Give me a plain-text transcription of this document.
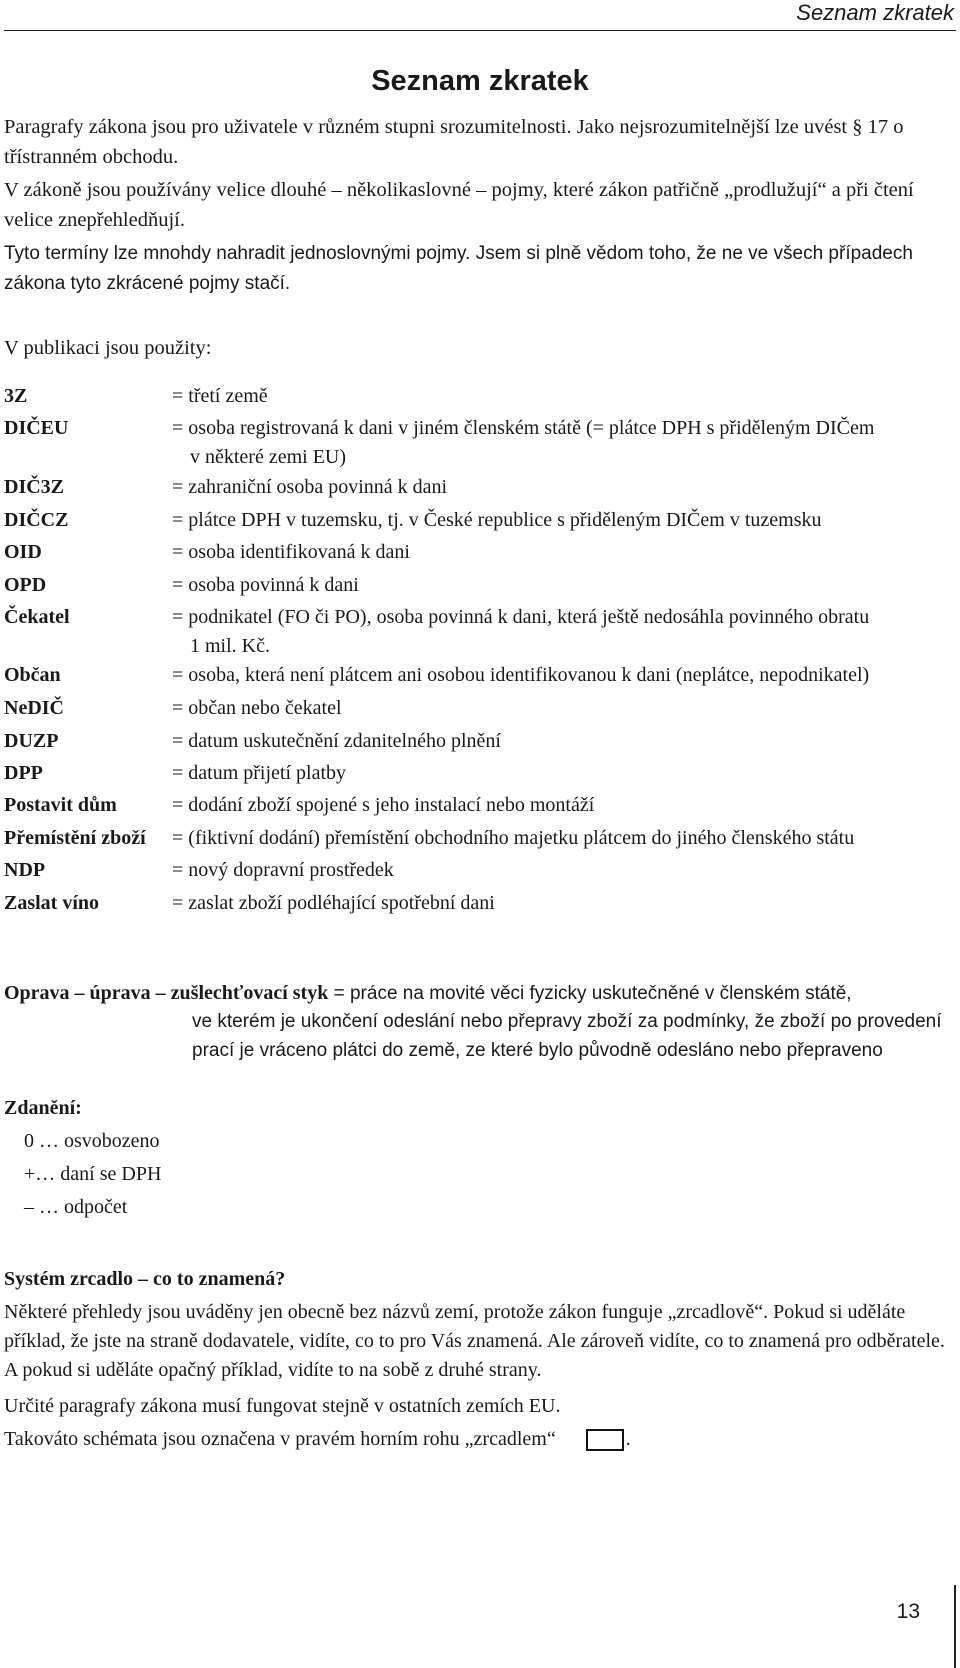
Seznam zkratek
Seznam zkratek

Paragrafy zákona jsou pro uživatele v různém stupni srozumitelnosti. Jako nejsrozumitelnější lze uvést § 17 o třístranném obchodu.

V zákoně jsou používány velice dlouhé – několikaslovné – pojmy, které zákon patřičně „prodlužují“ a při čtení velice znepřehledňují.

Tyto termíny lze mnohdy nahradit jednoslovnými pojmy. Jsem si plně vědom toho, že ne ve všech případech zákona tyto zkrácené pojmy stačí.

V publikaci jsou použity:
3Z	= třetí země
DIČEU	= osoba registrovaná k dani v jiném členském státě (= plátce DPH s přiděleným DIČem
v některé zemi EU)
DIČ3Z	= zahraniční osoba povinná k dani
DIČCZ	= plátce DPH v tuzemsku, tj. v České republice s přiděleným DIČem v tuzemsku
OID	= osoba identifikovaná k dani
OPD	= osoba povinná k dani
Čekatel	= podnikatel (FO či PO), osoba povinná k dani, která ještě nedosáhla povinného obratu
1 mil. Kč.
Občan	= osoba, která není plátcem ani osobou identifikovanou k dani (neplátce, nepodnikatel)
NeDIČ	= občan nebo čekatel
DUZP	= datum uskutečnění zdanitelného plnění
DPP	= datum přijetí platby
Postavit dům	= dodání zboží spojené s jeho instalací nebo montáží
Přemístění zboží = (fiktivní dodání) přemístění obchodního majetku plátcem do jiného členského státu
NDP	= nový dopravní prostředek
Zaslat víno	= zaslat zboží podléhající spotřební dani
Oprava – úprava – zušlechťovací styk = práce na movité věci fyzicky uskutečněné v členském státě,
ve kterém je ukončení odeslání nebo přepravy zboží za podmínky, že zboží po provedení prací je vráceno plátci do země, ze které bylo původně odesláno nebo přepraveno
Zdanění:
0 … osvobozeno
+… daní se DPH
– … odpočet
Systém zrcadlo – co to znamená?
Některé přehledy jsou uváděny jen obecně bez názvů zemí, protože zákon funguje „zrcadlově“. Pokud si uděláte příklad, že jste na straně dodavatele, vidíte, co to pro Vás znamená. Ale zároveň vidíte, co to znamená pro odběratele. A pokud si uděláte opačný příklad, vidíte to na sobě z druhé strany.
Určité paragrafy zákona musí fungovat stejně v ostatních zemích EU.
Takováto schémata jsou označena v pravém horním rohu „zrcadlem“	.
13
